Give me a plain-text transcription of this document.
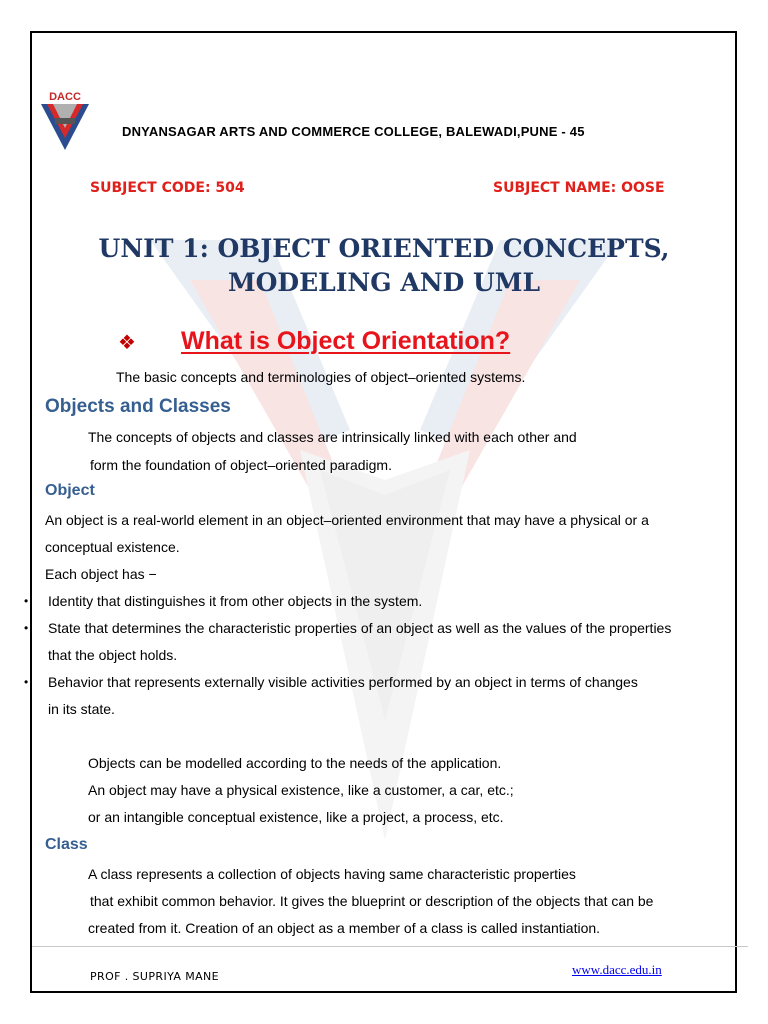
DACC
DNYANSAGAR ARTS AND COMMERCE COLLEGE, BALEWADI,PUNE - 45
SUBJECT CODE: 504	SUBJECT NAME: OOSE
UNIT 1: OBJECT ORIENTED CONCEPTS,
MODELING AND UML
❖ What is Object Orientation?
The basic concepts and terminologies of object–oriented systems.
Objects and Classes
The concepts of objects and classes are intrinsically linked with each other and
form the foundation of object–oriented paradigm.
Object
An object is a real-world element in an object–oriented environment that may have a physical or a
conceptual existence.
Each object has −
• Identity that distinguishes it from other objects in the system.
• State that determines the characteristic properties of an object as well as the values of the properties
that the object holds.
• Behavior that represents externally visible activities performed by an object in terms of changes
in its state.
Objects can be modelled according to the needs of the application.
An object may have a physical existence, like a customer, a car, etc.;
or an intangible conceptual existence, like a project, a process, etc.
Class
A class represents a collection of objects having same characteristic properties
that exhibit common behavior. It gives the blueprint or description of the objects that can be
created from it. Creation of an object as a member of a class is called instantiation.
PROF . SUPRIYA MANE	www.dacc.edu.in
